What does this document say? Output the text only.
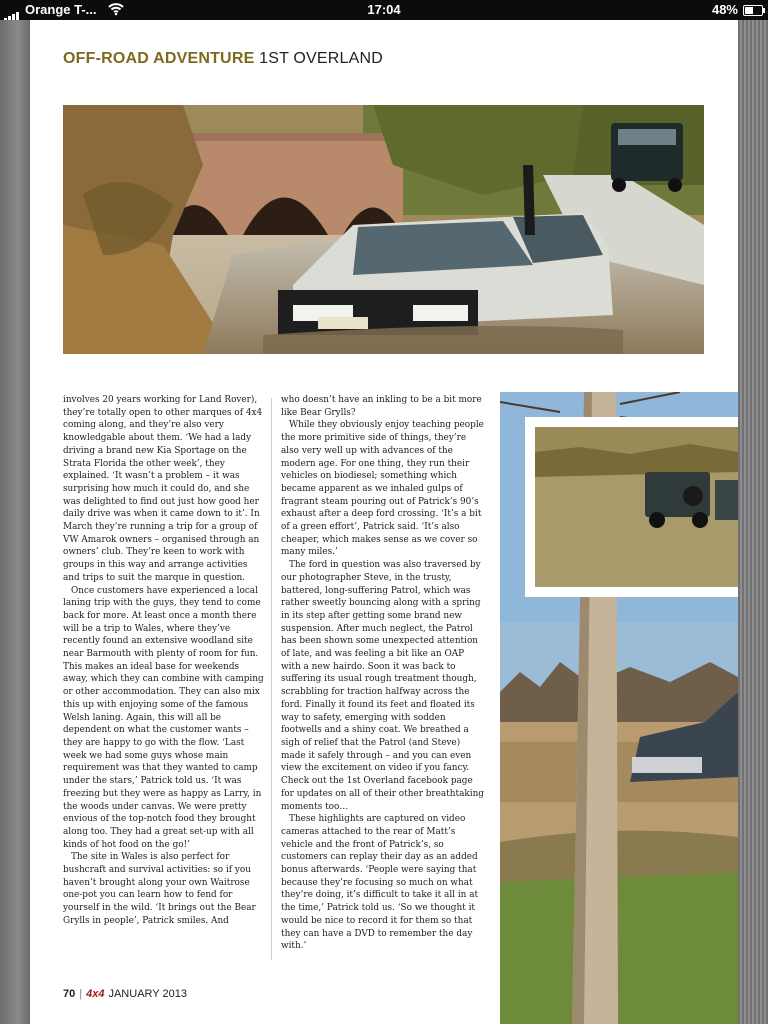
Orange T-...	17:04	48%
OFF-ROAD ADVENTURE 1ST OVERLAND

involves 20 years working for Land Rover), they’re totally open to other marques of 4x4 coming along, and they’re also very knowledgable about them. ‘We had a lady driving a brand new Kia Sportage on the Strata Florida the other week’, they explained. ‘It wasn’t a problem – it was surprising how much it could do, and she was delighted to find out just how good her daily drive was when it came down to it’. In March they’re running a trip for a group of VW Amarok owners – organised through an owners’ club. They’re keen to work with groups in this way and arrange activities and trips to suit the marque in question.

Once customers have experienced a local laning trip with the guys, they tend to come back for more. At least once a month there will be a trip to Wales, where they’ve recently found an extensive woodland site near Barmouth with plenty of room for fun. This makes an ideal base for weekends away, which they can combine with camping or other accommodation. They can also mix this up with enjoying some of the famous Welsh laning. Again, this will all be dependent on what the customer wants – they are happy to go with the flow. ‘Last week we had some guys whose main requirement was that they wanted to camp under the stars,’ Patrick told us. ‘It was freezing but they were as happy as Larry, in the woods under canvas. We were pretty envious of the top-notch food they brought along too. They had a great set-up with all kinds of hot food on the go!’

The site in Wales is also perfect for bushcraft and survival activities: so if you haven’t brought along your own Waitrose one-pot you can learn how to fend for yourself in the wild. ‘It brings out the Bear Grylls in people’, Patrick smiles. And

who doesn’t have an inkling to be a bit more like Bear Grylls?

While they obviously enjoy teaching people the more primitive side of things, they’re also very well up with advances of the modern age. For one thing, they run their vehicles on biodiesel; something which became apparent as we inhaled gulps of fragrant steam pouring out of Patrick’s 90’s exhaust after a deep ford crossing. ‘It’s a bit of a green effort’, Patrick said. ‘It’s also cheaper, which makes sense as we cover so many miles.’

The ford in question was also traversed by our photographer Steve, in the trusty, battered, long-suffering Patrol, which was rather sweetly bouncing along with a spring in its step after getting some brand new suspension. After much neglect, the Patrol has been shown some unexpected attention of late, and was feeling a bit like an OAP with a new hairdo. Soon it was back to suffering its usual rough treatment though, scrabbling for traction halfway across the ford. Finally it found its feet and floated its way to safety, emerging with sodden footwells and a shiny coat. We breathed a sigh of relief that the Patrol (and Steve) made it safely through – and you can even view the excitement on video if you fancy. Check out the 1st Overland facebook page for updates on all of their other breathtaking moments too…

These highlights are captured on video cameras attached to the rear of Matt’s vehicle and the front of Patrick’s, so customers can replay their day as an added bonus afterwards. ‘People were saying that because they’re focusing so much on what they’re doing, it’s difficult to take it all in at the time,’ Patrick told us. ‘So we thought it would be nice to record it for them so that they can have a DVD to remember the day with.’

70 | 4x4 JANUARY 2013
